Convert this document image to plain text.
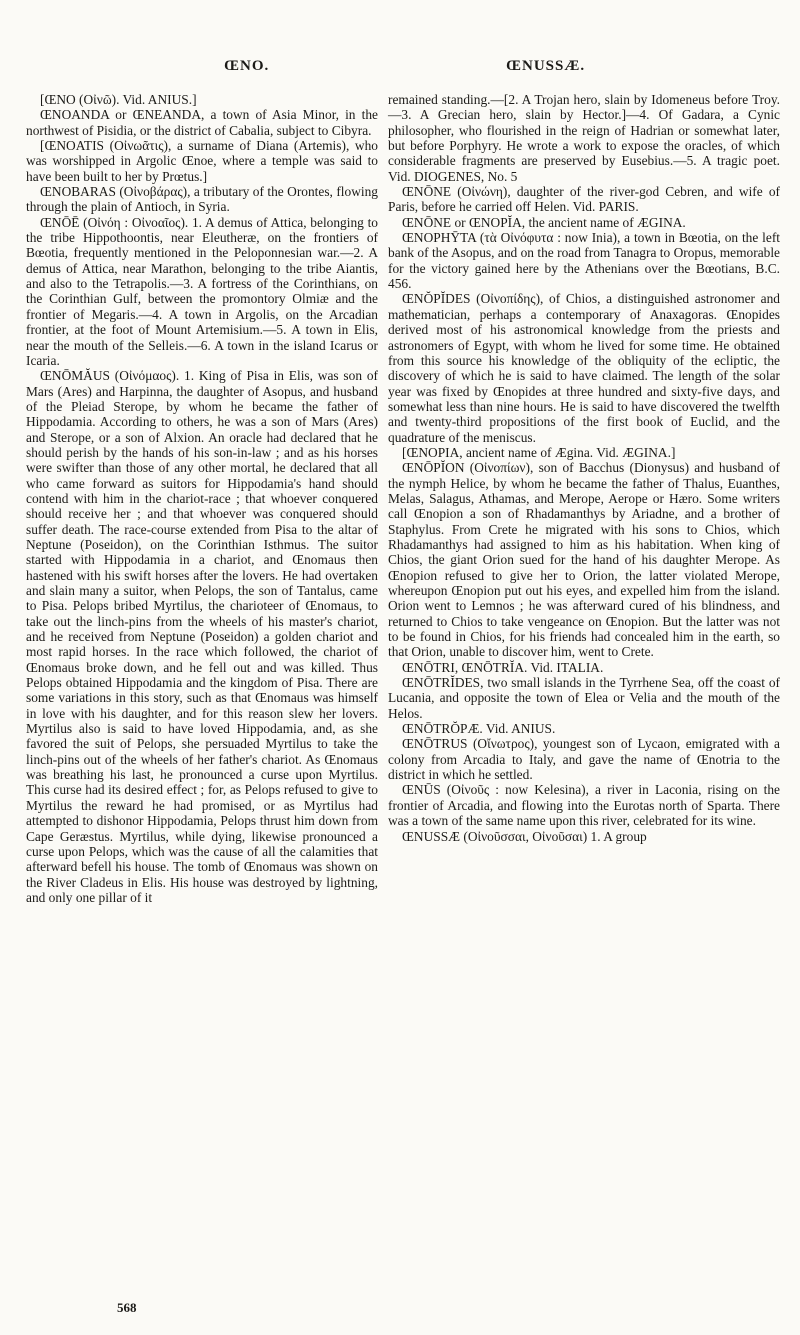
ŒNO.	ŒNUSSÆ.

[ŒNO (Οἰνῶ). Vid. ANIUS.]

ŒNOANDA or ŒNEANDA, a town of Asia Minor, in the northwest of Pisidia, or the district of Cabalia, subject to Cibyra.

[ŒNOATIS (Οἰνωᾶτις), a surname of Diana (Artemis), who was worshipped in Argolic Œnoe, where a temple was said to have been built to her by Prœtus.]

ŒNOBARAS (Οἰνοβάρας), a tributary of the Orontes, flowing through the plain of Antioch, in Syria.

ŒNŌĒ (Οἰνόη : Οἰνοαῖος). 1. A demus of Attica, belonging to the tribe Hippothoontis, near Eleutheræ, on the frontiers of Bœotia, frequently mentioned in the Peloponnesian war.—2. A demus of Attica, near Marathon, belonging to the tribe Aiantis, and also to the Tetrapolis.—3. A fortress of the Corinthians, on the Corinthian Gulf, between the promontory Olmiæ and the frontier of Megaris.—4. A town in Argolis, on the Arcadian frontier, at the foot of Mount Artemisium.—5. A town in Elis, near the mouth of the Selleis.—6. A town in the island Icarus or Icaria.

ŒNŌMĂUS (Οἰνόμαος). 1. King of Pisa in Elis, was son of Mars (Ares) and Harpinna, the daughter of Asopus, and husband of the Pleiad Sterope, by whom he became the father of Hippodamia. According to others, he was a son of Mars (Ares) and Sterope, or a son of Alxion. An oracle had declared that he should perish by the hands of his son-in-law ; and as his horses were swifter than those of any other mortal, he declared that all who came forward as suitors for Hippodamia's hand should contend with him in the chariot-race ; that whoever conquered should receive her ; and that whoever was conquered should suffer death. The race-course extended from Pisa to the altar of Neptune (Poseidon), on the Corinthian Isthmus. The suitor started with Hippodamia in a chariot, and Œnomaus then hastened with his swift horses after the lovers. He had overtaken and slain many a suitor, when Pelops, the son of Tantalus, came to Pisa. Pelops bribed Myrtilus, the charioteer of Œnomaus, to take out the linch-pins from the wheels of his master's chariot, and he received from Neptune (Poseidon) a golden chariot and most rapid horses. In the race which followed, the chariot of Œnomaus broke down, and he fell out and was killed. Thus Pelops obtained Hippodamia and the kingdom of Pisa. There are some variations in this story, such as that Œnomaus was himself in love with his daughter, and for this reason slew her lovers. Myrtilus also is said to have loved Hippodamia, and, as she favored the suit of Pelops, she persuaded Myrtilus to take the linch-pins out of the wheels of her father's chariot. As Œnomaus was breathing his last, he pronounced a curse upon Myrtilus. This curse had its desired effect ; for, as Pelops refused to give to Myrtilus the reward he had promised, or as Myrtilus had attempted to dishonor Hippodamia, Pelops thrust him down from Cape Geræstus. Myrtilus, while dying, likewise pronounced a curse upon Pelops, which was the cause of all the calamities that afterward befell his house. The tomb of Œnomaus was shown on the River Cladeus in Elis. His house was destroyed by lightning, and only one pillar of it

remained standing.—[2. A Trojan hero, slain by Idomeneus before Troy.—3. A Grecian hero, slain by Hector.]—4. Of Gadara, a Cynic philosopher, who flourished in the reign of Hadrian or somewhat later, but before Porphyry. He wrote a work to expose the oracles, of which considerable fragments are preserved by Eusebius.—5. A tragic poet. Vid. DIOGENES, No. 5

ŒNŌNE (Οἰνώνη), daughter of the river-god Cebren, and wife of Paris, before he carried off Helen. Vid. PARIS.

ŒNŌNE or ŒNOPĬA, the ancient name of ÆGINA.

ŒNOPHȲTA (τὰ Οἰνόφυτα : now Inia), a town in Bœotia, on the left bank of the Asopus, and on the road from Tanagra to Oropus, memorable for the victory gained here by the Athenians over the Bœotians, B.C. 456.

ŒNŎPĬDES (Οἰνοπίδης), of Chios, a distinguished astronomer and mathematician, perhaps a contemporary of Anaxagoras. Œnopides derived most of his astronomical knowledge from the priests and astronomers of Egypt, with whom he lived for some time. He obtained from this source his knowledge of the obliquity of the ecliptic, the discovery of which he is said to have claimed. The length of the solar year was fixed by Œnopides at three hundred and sixty-five days, and somewhat less than nine hours. He is said to have discovered the twelfth and twenty-third propositions of the first book of Euclid, and the quadrature of the meniscus.

[ŒNOPIA, ancient name of Ægina. Vid. ÆGINA.]

ŒNŌPĬON (Οἰνοπίων), son of Bacchus (Dionysus) and husband of the nymph Helice, by whom he became the father of Thalus, Euanthes, Melas, Salagus, Athamas, and Merope, Aerope or Hæro. Some writers call Œnopion a son of Rhadamanthys by Ariadne, and a brother of Staphylus. From Crete he migrated with his sons to Chios, which Rhadamanthys had assigned to him as his habitation. When king of Chios, the giant Orion sued for the hand of his daughter Merope. As Œnopion refused to give her to Orion, the latter violated Merope, whereupon Œnopion put out his eyes, and expelled him from the island. Orion went to Lemnos ; he was afterward cured of his blindness, and returned to Chios to take vengeance on Œnopion. But the latter was not to be found in Chios, for his friends had concealed him in the earth, so that Orion, unable to discover him, went to Crete.

ŒNŌTRI, ŒNŌTRĬA. Vid. ITALIA.

ŒNŌTRĬDES, two small islands in the Tyrrhene Sea, off the coast of Lucania, and opposite the town of Elea or Velia and the mouth of the Helos.

ŒNŌTRŎPÆ. Vid. ANIUS.

ŒNŌTRUS (Οἴνωτρος), youngest son of Lycaon, emigrated with a colony from Arcadia to Italy, and gave the name of Œnotria to the district in which he settled.

ŒNŪS (Οἰνοῦς : now Kelesina), a river in Laconia, rising on the frontier of Arcadia, and flowing into the Eurotas north of Sparta. There was a town of the same name upon this river, celebrated for its wine.

ŒNUSSÆ (Οἰνοῦσσαι, Οἰνοῦσαι) 1. A group

568
